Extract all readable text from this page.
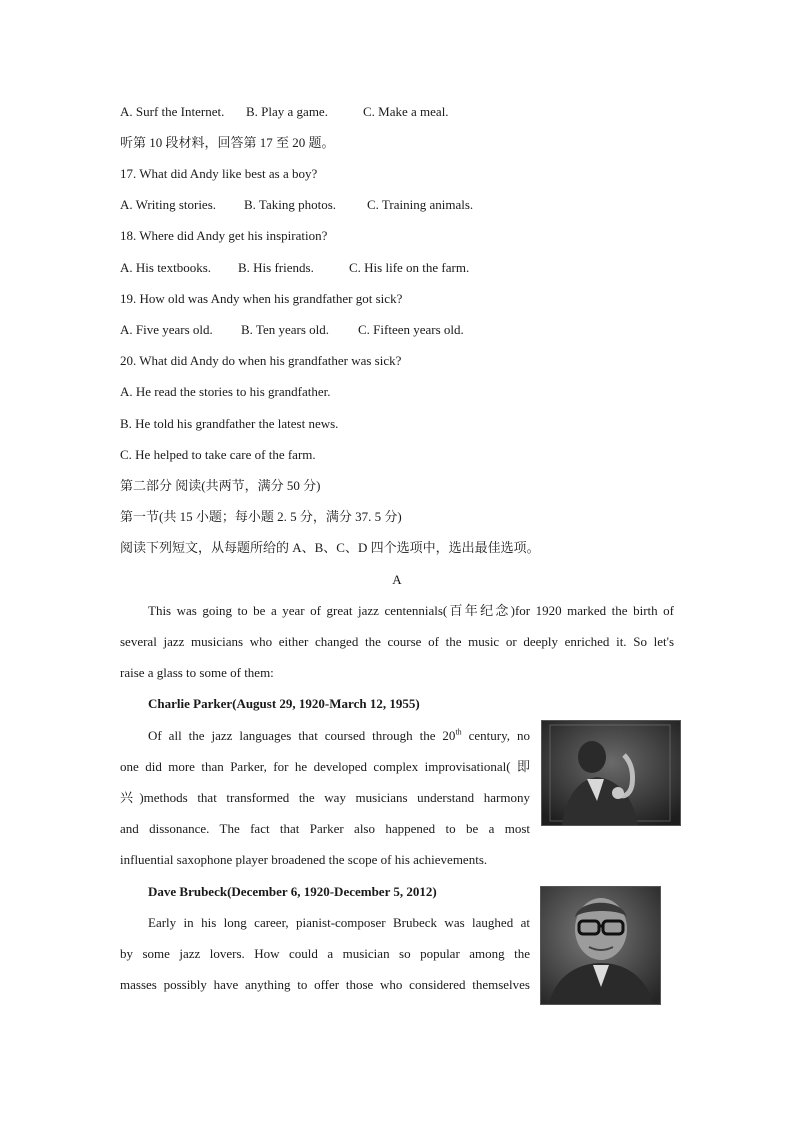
A. Surf the Internet. B. Play a game.	C. Make a meal.
听第 10 段材料，回答第 17 至 20 题。
17. What did Andy like best as a boy?
A. Writing stories. B. Taking photos. C. Training animals.
18. Where did Andy get his inspiration?
A. His textbooks. B. His friends.	C. His life on the farm.
19. How old was Andy when his grandfather got sick?
A. Five years old. B. Ten years old. C. Fifteen years old.
20. What did Andy do when his grandfather was sick?
A. He read the stories to his grandfather.
B. He told his grandfather the latest news.
C. He helped to take care of the farm.
第二部分 阅读(共两节，满分 50 分)
第一节(共 15 小题；每小题 2. 5 分，满分 37. 5 分)
阅读下列短文，从每题所给的 A、B、C、D 四个选项中，选出最佳选项。
A
This was going to be a year of great jazz centennials(百年纪念)for 1920 marked the birth of
several jazz musicians who either changed the course of the music or deeply enriched it. So let's
raise a glass to some of them:
Charlie Parker(August 29, 1920-March 12, 1955)
Of all the jazz languages that coursed through the 20th century, no
one did more than Parker, for he developed complex improvisational( 即
兴)methods that transformed the way musicians understand harmony
and dissonance. The fact that Parker also happened to be a most
influential saxophone player broadened the scope of his achievements.
Dave Brubeck(December 6, 1920-December 5, 2012)
Early in his long career, pianist-composer Brubeck was laughed at
by some jazz lovers. How could a musician so popular among the
masses possibly have anything to offer those who considered themselves
